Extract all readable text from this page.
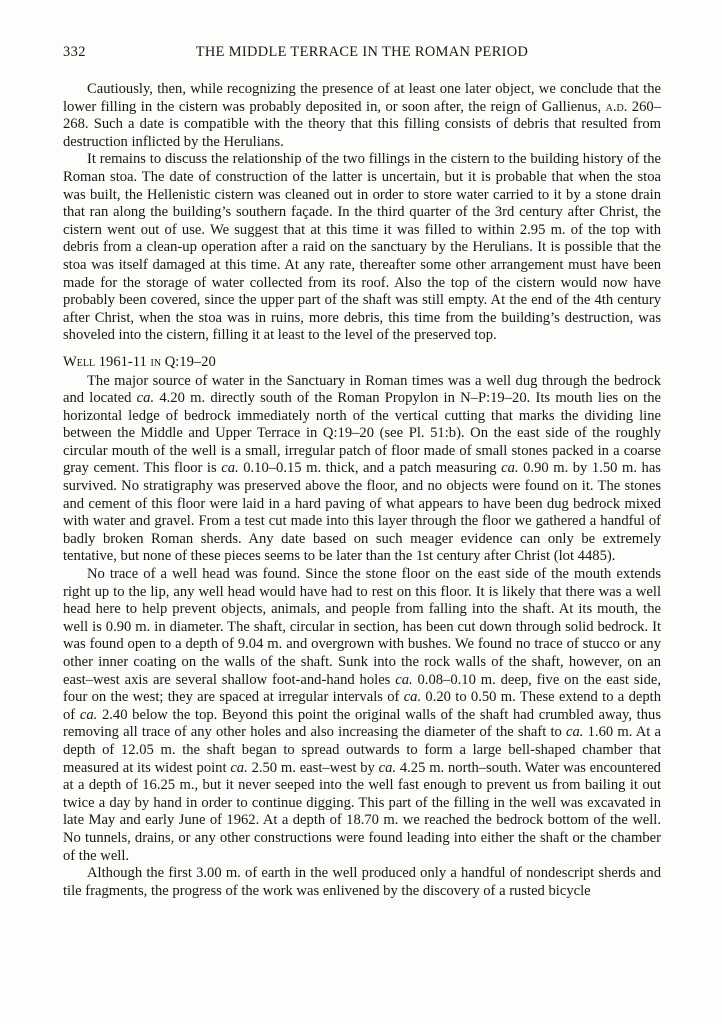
332	THE MIDDLE TERRACE IN THE ROMAN PERIOD

Cautiously, then, while recognizing the presence of at least one later object, we conclude that the lower filling in the cistern was probably deposited in, or soon after, the reign of Gallienus, a.d. 260–268. Such a date is compatible with the theory that this filling consists of debris that resulted from destruction inflicted by the Herulians.

It remains to discuss the relationship of the two fillings in the cistern to the building history of the Roman stoa. The date of construction of the latter is uncertain, but it is probable that when the stoa was built, the Hellenistic cistern was cleaned out in order to store water carried to it by a stone drain that ran along the building’s southern façade. In the third quarter of the 3rd century after Christ, the cistern went out of use. We suggest that at this time it was filled to within 2.95 m. of the top with debris from a clean-up operation after a raid on the sanctuary by the Herulians. It is possible that the stoa was itself damaged at this time. At any rate, thereafter some other arrangement must have been made for the storage of water collected from its roof. Also the top of the cistern would now have probably been covered, since the upper part of the shaft was still empty. At the end of the 4th century after Christ, when the stoa was in ruins, more debris, this time from the building’s destruction, was shoveled into the cistern, filling it at least to the level of the preserved top.

Well 1961-11 in Q:19–20

The major source of water in the Sanctuary in Roman times was a well dug through the bedrock and located ca. 4.20 m. directly south of the Roman Propylon in N–P:19–20. Its mouth lies on the horizontal ledge of bedrock immediately north of the vertical cutting that marks the dividing line between the Middle and Upper Terrace in Q:19–20 (see Pl. 51:b). On the east side of the roughly circular mouth of the well is a small, irregular patch of floor made of small stones packed in a coarse gray cement. This floor is ca. 0.10–0.15 m. thick, and a patch measuring ca. 0.90 m. by 1.50 m. has survived. No stratigraphy was preserved above the floor, and no objects were found on it. The stones and cement of this floor were laid in a hard paving of what appears to have been dug bedrock mixed with water and gravel. From a test cut made into this layer through the floor we gathered a handful of badly broken Roman sherds. Any date based on such meager evidence can only be extremely tentative, but none of these pieces seems to be later than the 1st century after Christ (lot 4485).

No trace of a well head was found. Since the stone floor on the east side of the mouth extends right up to the lip, any well head would have had to rest on this floor. It is likely that there was a well head here to help prevent objects, animals, and people from falling into the shaft. At its mouth, the well is 0.90 m. in diameter. The shaft, circular in section, has been cut down through solid bedrock. It was found open to a depth of 9.04 m. and overgrown with bushes. We found no trace of stucco or any other inner coating on the walls of the shaft. Sunk into the rock walls of the shaft, however, on an east–west axis are several shallow foot-and-hand holes ca. 0.08–0.10 m. deep, five on the east side, four on the west; they are spaced at irregular intervals of ca. 0.20 to 0.50 m. These extend to a depth of ca. 2.40 below the top. Beyond this point the original walls of the shaft had crumbled away, thus removing all trace of any other holes and also increasing the diameter of the shaft to ca. 1.60 m. At a depth of 12.05 m. the shaft began to spread outwards to form a large bell-shaped chamber that measured at its widest point ca. 2.50 m. east–west by ca. 4.25 m. north–south. Water was encountered at a depth of 16.25 m., but it never seeped into the well fast enough to prevent us from bailing it out twice a day by hand in order to continue digging. This part of the filling in the well was excavated in late May and early June of 1962. At a depth of 18.70 m. we reached the bedrock bottom of the well. No tunnels, drains, or any other constructions were found leading into either the shaft or the chamber of the well.

Although the first 3.00 m. of earth in the well produced only a handful of nondescript sherds and tile fragments, the progress of the work was enlivened by the discovery of a rusted bicycle
